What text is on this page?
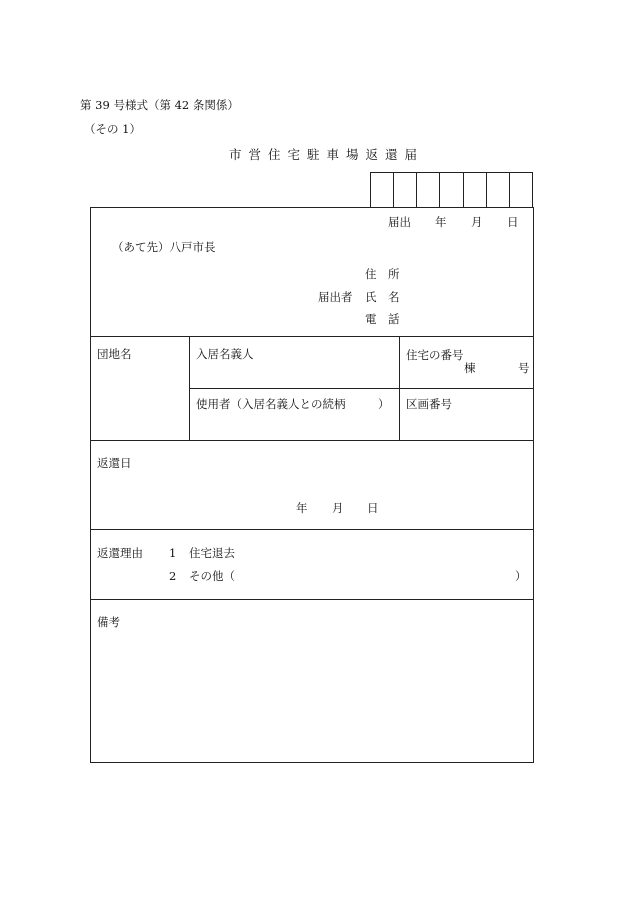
第 39 号様式（第 42 条関係）
（その 1）
市営住宅駐車場返還届
届出 年 月 日
（あて先）八戸市長
住　所
届出者 氏　名
電　話
団地名	入居名義人	住宅の番号
棟	号
使用者（入居名義人との続柄	） 区画番号
返還日
年 月 日
返還理由 1 住宅退去
2 その他（	）
備考
